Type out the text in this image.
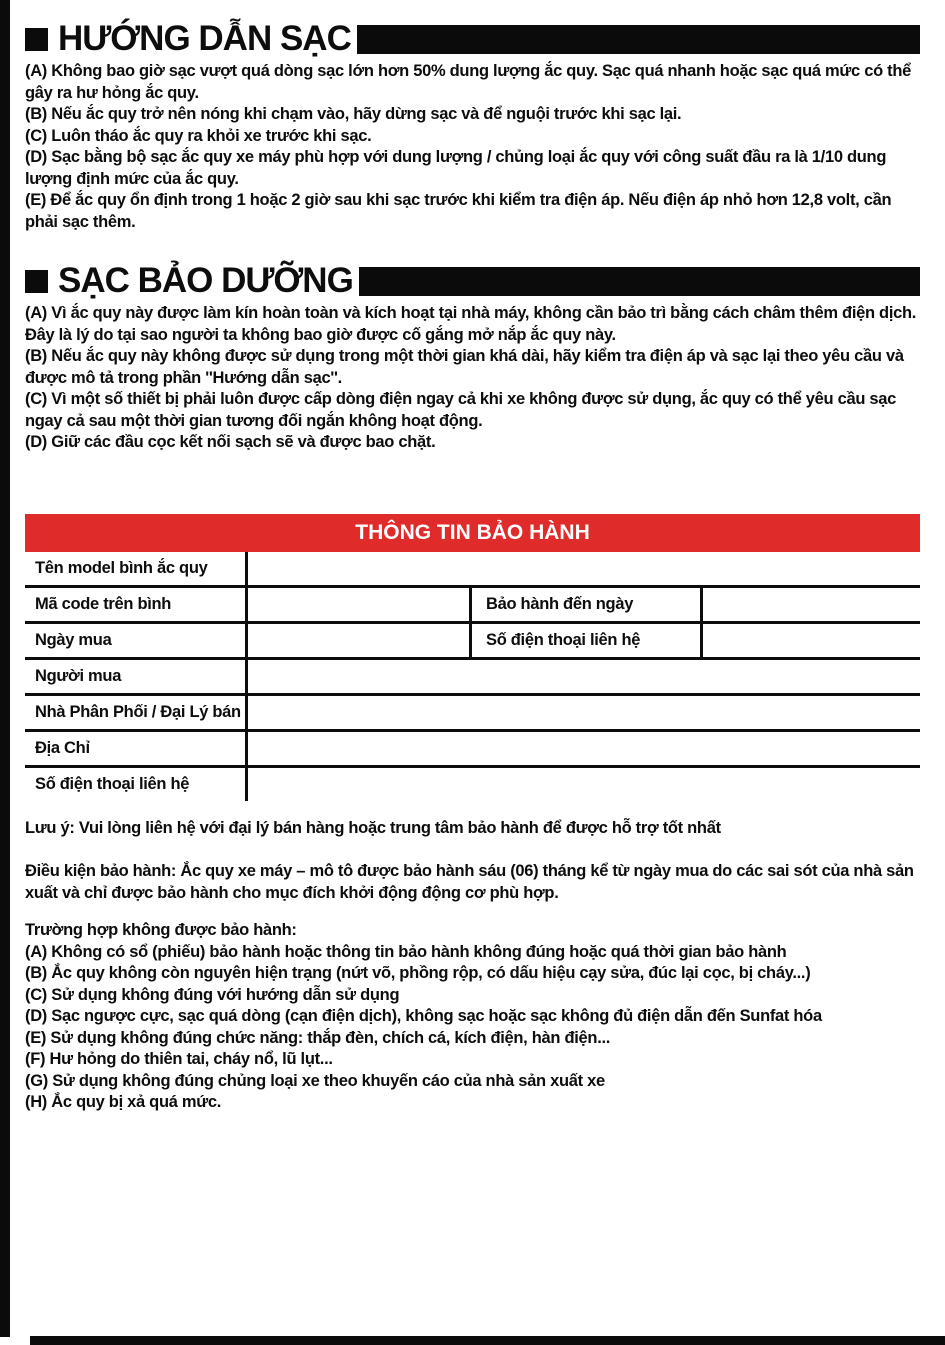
HƯỚNG DẪN SẠC

(A) Không bao giờ sạc vượt quá dòng sạc lớn hơn 50% dung lượng ắc quy. Sạc quá nhanh hoặc sạc quá mức có thể gây ra hư hỏng ắc quy.

(B) Nếu ắc quy trở nên nóng khi chạm vào, hãy dừng sạc và để nguội trước khi sạc lại.

(C) Luôn tháo ắc quy ra khỏi xe trước khi sạc.

(D) Sạc bằng bộ sạc ắc quy xe máy phù hợp với dung lượng / chủng loại ắc quy với công suất đầu ra là 1/10 dung lượng định mức của ắc quy.

(E) Để ắc quy ổn định trong 1 hoặc 2 giờ sau khi sạc trước khi kiểm tra điện áp. Nếu điện áp nhỏ hơn 12,8 volt, cần phải sạc thêm.

SẠC BẢO DƯỠNG

(A) Vì ắc quy này được làm kín hoàn toàn và kích hoạt tại nhà máy, không cần bảo trì bằng cách châm thêm điện dịch. Đây là lý do tại sao người ta không bao giờ được cố gắng mở nắp ắc quy này.

(B) Nếu ắc quy này không được sử dụng trong một thời gian khá dài, hãy kiểm tra điện áp và sạc lại theo yêu cầu và được mô tả trong phần ''Hướng dẫn sạc''.

(C) Vì một số thiết bị phải luôn được cấp dòng điện ngay cả khi xe không được sử dụng, ắc quy có thể yêu cầu sạc ngay cả sau một thời gian tương đối ngắn không hoạt động.

(D) Giữ các đầu cọc kết nối sạch sẽ và được bao chặt.

THÔNG TIN BẢO HÀNH
Tên model bình ắc quy
Mã code trên bình	Bảo hành đến ngày
Ngày mua	Số điện thoại liên hệ
Người mua
Nhà Phân Phối / Đại Lý bán
Địa Chỉ
Số điện thoại liên hệ

Lưu ý: Vui lòng liên hệ với đại lý bán hàng hoặc trung tâm bảo hành để được hỗ trợ tốt nhất

Điều kiện bảo hành: Ắc quy xe máy – mô tô được bảo hành sáu (06) tháng kể từ ngày mua do các sai sót của nhà sản xuất và chỉ được bảo hành cho mục đích khởi động động cơ phù hợp.

Trường hợp không được bảo hành:

(A) Không có sổ (phiếu) bảo hành hoặc thông tin bảo hành không đúng hoặc quá thời gian bảo hành

(B) Ắc quy không còn nguyên hiện trạng (nứt võ, phồng rộp, có dấu hiệu cạy sửa, đúc lại cọc, bị cháy...)

(C) Sử dụng không đúng với hướng dẫn sử dụng

(D) Sạc ngược cực, sạc quá dòng (cạn điện dịch), không sạc hoặc sạc không đủ điện dẫn đến Sunfat hóa

(E) Sử dụng không đúng chức năng: thắp đèn, chích cá, kích điện, hàn điện...

(F) Hư hỏng do thiên tai, cháy nổ, lũ lụt...

(G) Sử dụng không đúng chủng loại xe theo khuyến cáo của nhà sản xuất xe

(H) Ắc quy bị xả quá mức.
